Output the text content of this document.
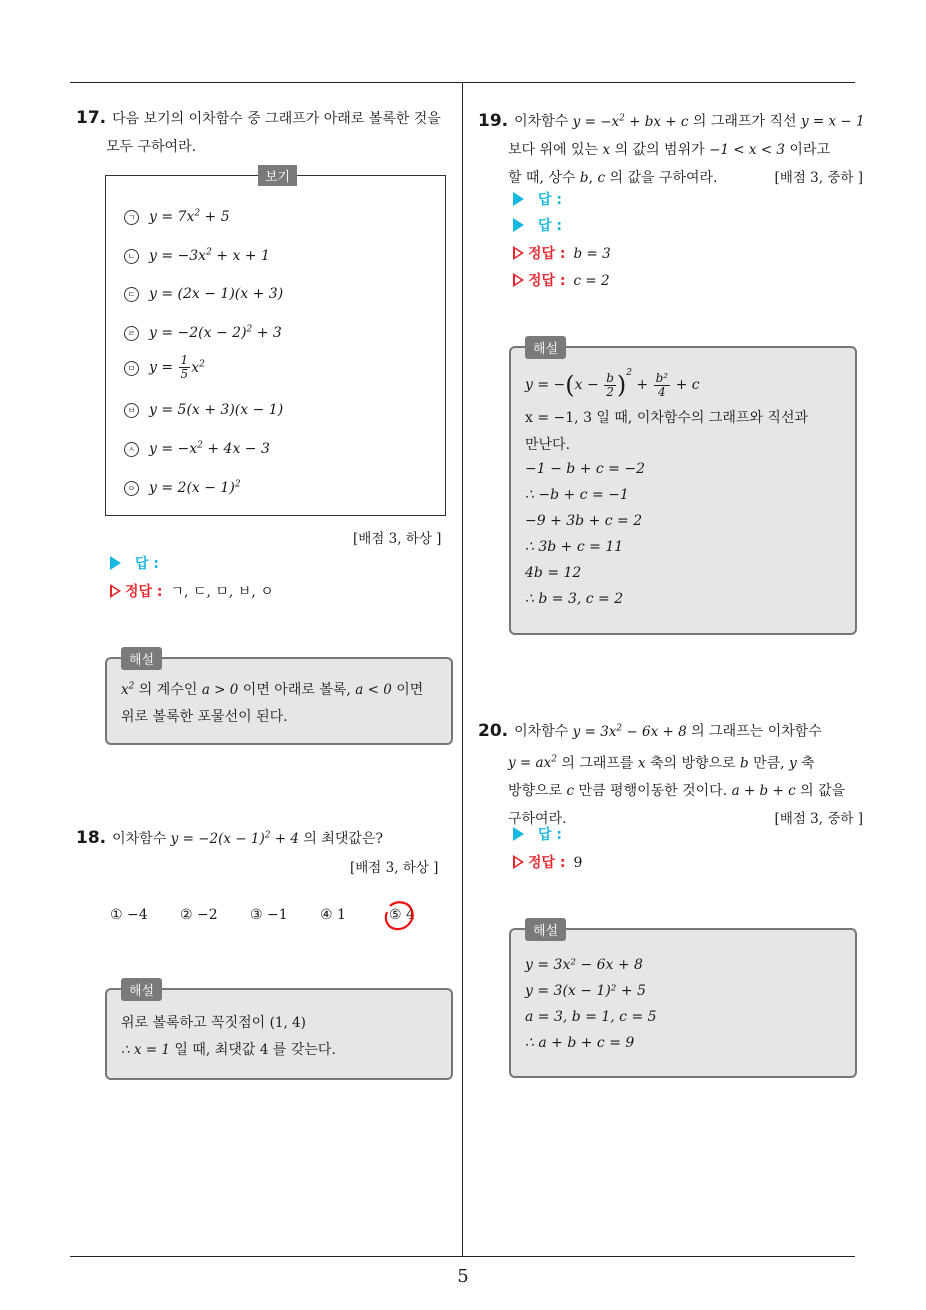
17. 다음 보기의 이차함수 중 그래프가 아래로 볼록한 것을
모두 구하여라.
보기
ㄱ $y = 7x^2 + 5$
ㄴ $y = -3x^2 + x + 1$
ㄷ y = (2x − 1)(x + 3)
ㄹ $y = -2(x - 2)^2 + 3$
ㅁ $y = \frac{1}{5} x^2$
ㅂ y = 5(x + 3)(x − 1)
ㅅ $y = -x^2 + 4x - 3$
ㅇ $y = 2(x - 1)^2$
[배점 3, 하상 ]
답 :
정답 : ㄱ, ㄷ, ㅁ, ㅂ, ㅇ
해설
$x^2$ 의 계수인 a > 0 이면 아래로 볼록, a < 0 이면
위로 볼록한 포물선이 된다.
18. 이차함수 $y = -2(x - 1)^2 + 4$ 의 최댓값은?
[배점 3, 하상 ]
① −4 ② −2 ③ −1 ④ 1	⑤ 4
해설
위로 볼록하고 꼭짓점이 (1, 4)
∴ x = 1 일 때, 최댓값 4 를 갖는다.
19. 이차함수 $y = -x^2$ + bx + c 의 그래프가 직선 y = x − 1
보다 위에 있는 x 의 값의 범위가 −1 < x < 3 이라고
할 때, 상수 b, c 의 값을 구하여라.	[배점 3, 중하 ]
답 :
답 :
정답 : b = 3
정답 : c = 2
해설
$y = -(x - \frac{b}{2} )^2 + \frac{\text{b²}}{4} + c$
x = −1, 3 일 때, 이차함수의 그래프와 직선과
만난다.
−1 − b + c = −2
∴ −b + c = −1
−9 + 3b + c = 2
∴ 3b + c = 11
4b = 12
∴ b = 3, c = 2
20. 이차함수 $y = 3x^2 - 6x + 8$ 의 그래프는 이차함수
$y = ax^2$ 의 그래프를 x 축의 방향으로 b 만큼, y 축
방향으로 c 만큼 평행이동한 것이다. a + b + c 의 값을
구하여라.	[배점 3, 중하 ]
답 :
정답 : 9
해설
y = 3x² − 6x + 8
y = 3(x − 1)² + 5
a = 3, b = 1, c = 5
∴ a + b + c = 9
5
